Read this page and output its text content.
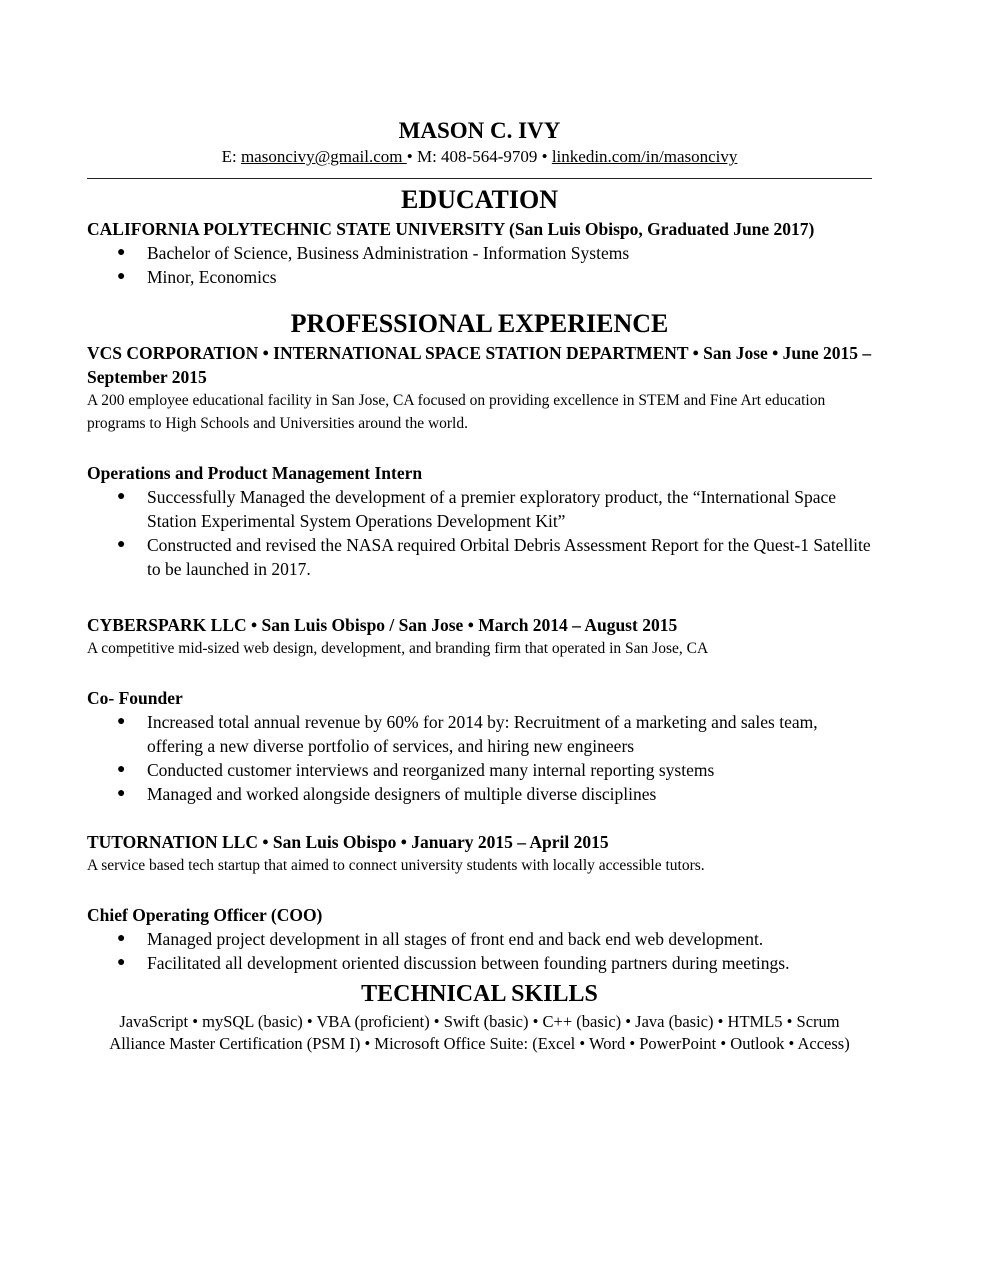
MASON C. IVY

E: masoncivy@gmail.com • M: 408-564-9709 • linkedin.com/in/masoncivy

EDUCATION

CALIFORNIA POLYTECHNIC STATE UNIVERSITY (San Luis Obispo, Graduated June 2017)

● Bachelor of Science, Business Administration - Information Systems
● Minor, Economics
PROFESSIONAL EXPERIENCE

VCS CORPORATION • INTERNATIONAL SPACE STATION DEPARTMENT • San Jose • June 2015 – September 2015

A 200 employee educational facility in San Jose, CA focused on providing excellence in STEM and Fine Art education programs to High Schools and Universities around the world.

Operations and Product Management Intern

● Successfully Managed the development of a premier exploratory product, the “International Space Station Experimental System Operations Development Kit”
● Constructed and revised the NASA required Orbital Debris Assessment Report for the Quest-1 Satellite to be launched in 2017.

CYBERSPARK LLC • San Luis Obispo / San Jose • March 2014 – August 2015

A competitive mid-sized web design, development, and branding firm that operated in San Jose, CA

Co- Founder

● Increased total annual revenue by 60% for 2014 by: Recruitment of a marketing and sales team, offering a new diverse portfolio of services, and hiring new engineers
● Conducted customer interviews and reorganized many internal reporting systems
● Managed and worked alongside designers of multiple diverse disciplines

TUTORNATION LLC • San Luis Obispo • January 2015 – April 2015

A service based tech startup that aimed to connect university students with locally accessible tutors.

Chief Operating Officer (COO)

● Managed project development in all stages of front end and back end web development.
● Facilitated all development oriented discussion between founding partners during meetings.
TECHNICAL SKILLS

JavaScript • mySQL (basic) • VBA (proficient) • Swift (basic) • C++ (basic) • Java (basic) • HTML5 • Scrum Alliance Master Certification (PSM I) • Microsoft Office Suite: (Excel • Word • PowerPoint • Outlook • Access)
